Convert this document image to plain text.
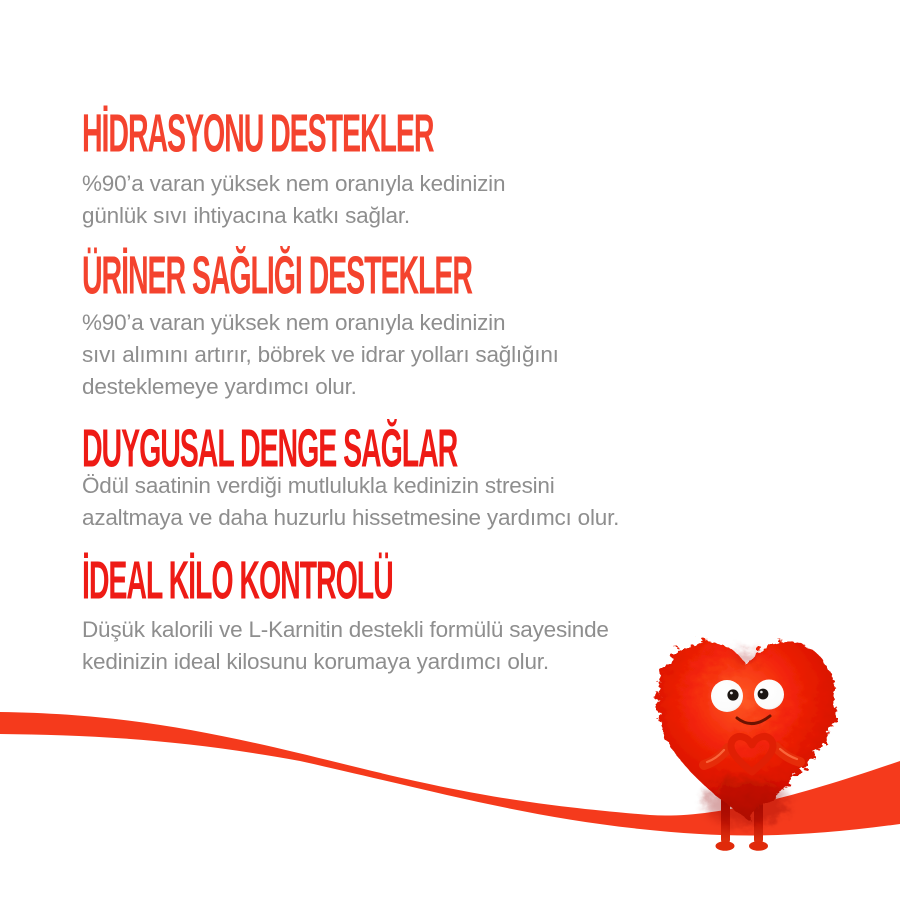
HİDRASYONU DESTEKLER

%90’a varan yüksek nem oranıyla kedinizin

günlük sıvı ihtiyacına katkı sağlar.

ÜRİNER SAĞLIĞI DESTEKLER

%90’a varan yüksek nem oranıyla kedinizin

sıvı alımını artırır, böbrek ve idrar yolları sağlığını

desteklemeye yardımcı olur.

DUYGUSAL DENGE SAĞLAR

Ödül saatinin verdiği mutlulukla kedinizin stresini

azaltmaya ve daha huzurlu hissetmesine yardımcı olur.

İDEAL KİLO KONTROLÜ

Düşük kalorili ve L-Karnitin destekli formülü sayesinde

kedinizin ideal kilosunu korumaya yardımcı olur.
